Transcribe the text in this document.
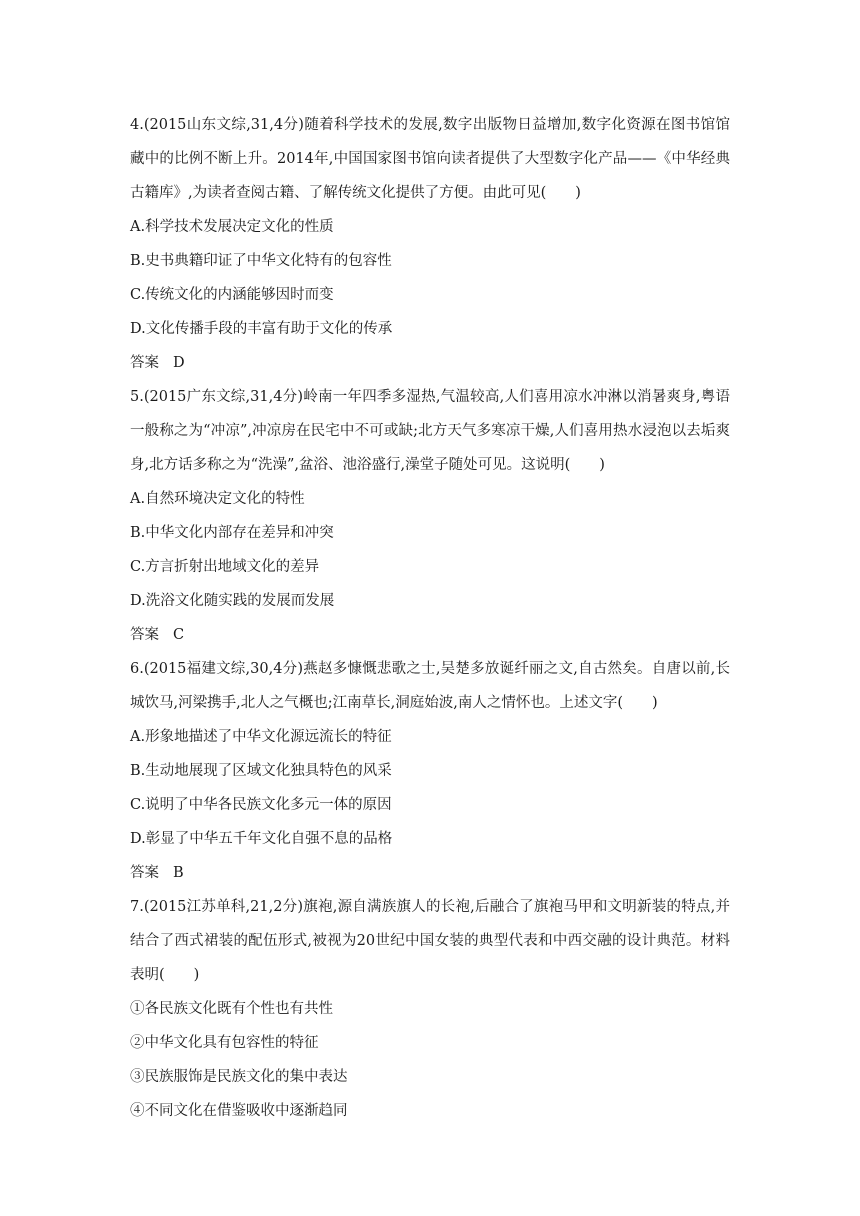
4.(2015山东文综,31,4分)随着科学技术的发展,数字出版物日益增加,数字化资源在图书馆馆藏中的比例不断上升。2014年,中国国家图书馆向读者提供了大型数字化产品——《中华经典古籍库》,为读者查阅古籍、了解传统文化提供了方便。由此可见(　　)

A.科学技术发展决定文化的性质

B.史书典籍印证了中华文化特有的包容性

C.传统文化的内涵能够因时而变

D.文化传播手段的丰富有助于文化的传承

答案 D

5.(2015广东文综,31,4分)岭南一年四季多湿热,气温较高,人们喜用凉水冲淋以消暑爽身,粤语一般称之为“冲凉”,冲凉房在民宅中不可或缺;北方天气多寒凉干燥,人们喜用热水浸泡以去垢爽身,北方话多称之为“洗澡”,盆浴、池浴盛行,澡堂子随处可见。这说明(　　)

A.自然环境决定文化的特性

B.中华文化内部存在差异和冲突

C.方言折射出地域文化的差异

D.洗浴文化随实践的发展而发展

答案 C

6.(2015福建文综,30,4分)燕赵多慷慨悲歌之士,吴楚多放诞纤丽之文,自古然矣。自唐以前,长城饮马,河梁携手,北人之气概也;江南草长,洞庭始波,南人之情怀也。上述文字(　　)

A.形象地描述了中华文化源远流长的特征

B.生动地展现了区域文化独具特色的风采

C.说明了中华各民族文化多元一体的原因

D.彰显了中华五千年文化自强不息的品格

答案 B

7.(2015江苏单科,21,2分)旗袍,源自满族旗人的长袍,后融合了旗袍马甲和文明新装的特点,并结合了西式裙装的配伍形式,被视为20世纪中国女装的典型代表和中西交融的设计典范。材料表明(　　)

①各民族文化既有个性也有共性

②中华文化具有包容性的特征

③民族服饰是民族文化的集中表达

④不同文化在借鉴吸收中逐渐趋同
